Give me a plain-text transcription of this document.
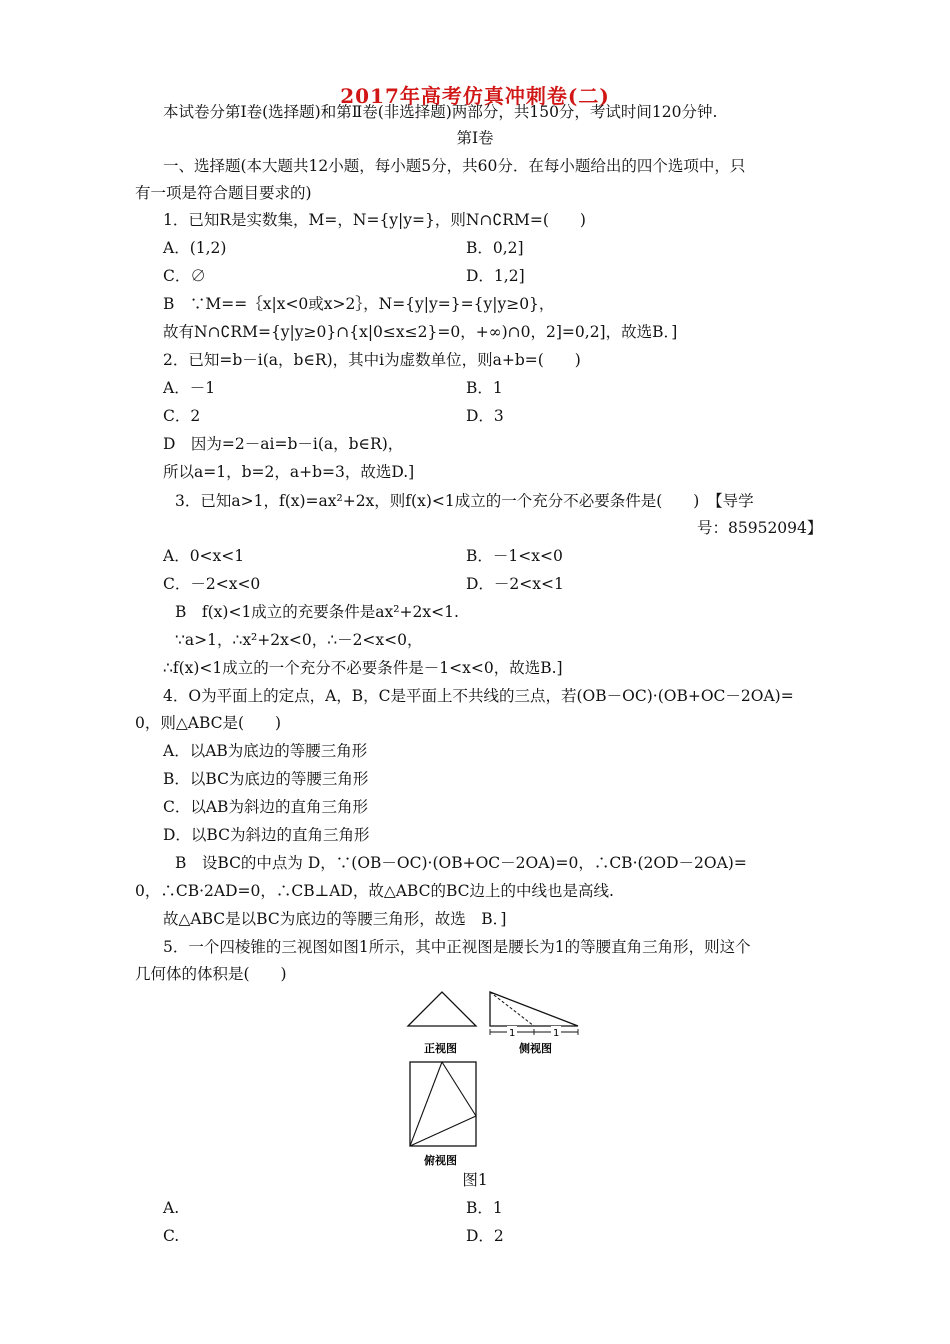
2017年高考仿真冲刺卷(二)
本试卷分第Ⅰ卷(选择题)和第Ⅱ卷(非选择题)两部分，共150分，考试时间120分钟.
第Ⅰ卷
一、选择题(本大题共12小题，每小题5分，共60分．在每小题给出的四个选项中，只
有一项是符合题目要求的)
1．已知R是实数集，M=，N={y|y=}，则N∩∁RM=(　　)
A．(1,2)	B．0,2]
C．∅	D．1,2]
B　∵M==｛x|x<0或x>2｝，N={y|y=}={y|y≥0}，
故有N∩∁RM={y|y≥0}∩{x|0≤x≤2}=0，+∞)∩0，2]=0,2]，故选B．]
2．已知=b－i(a，b∈R)，其中i为虚数单位，则a+b=(　　)
A．－1	B．1
C．2	D．3
D　因为=2－ai=b－i(a，b∈R)，
所以a=1，b=2，a+b=3，故选D.]
3．已知a>1，f(x)=ax²+2x，则f(x)<1成立的一个充分不必要条件是(　　)　【导学
号：85952094】
A．0<x<1	B．－1<x<0
C．－2<x<0	D．－2<x<1
B　f(x)<1成立的充要条件是ax²+2x<1.
∵a>1，∴x²+2x<0，∴－2<x<0，
∴f(x)<1成立的一个充分不必要条件是－1<x<0，故选B.]
4．O为平面上的定点，A，B，C是平面上不共线的三点，若(OB－OC)·(OB+OC－2OA)=
0，则△ABC是(　　)
A．以AB为底边的等腰三角形
B．以BC为底边的等腰三角形
C．以AB为斜边的直角三角形
D．以BC为斜边的直角三角形
B　设BC的中点为 D，∵(OB－OC)·(OB+OC－2OA)=0，∴CB·(2OD－2OA)=
0，∴CB·2AD=0，∴CB⊥AD，故△ABC的BC边上的中线也是高线.
故△ABC是以BC为底边的等腰三角形，故选　B．]
5．一个四棱锥的三视图如图1所示，其中正视图是腰长为1的等腰直角三角形，则这个
几何体的体积是(　　)
正视图
1	1
侧视图
俯视图
图1
A.	B．1
C.	D．2
